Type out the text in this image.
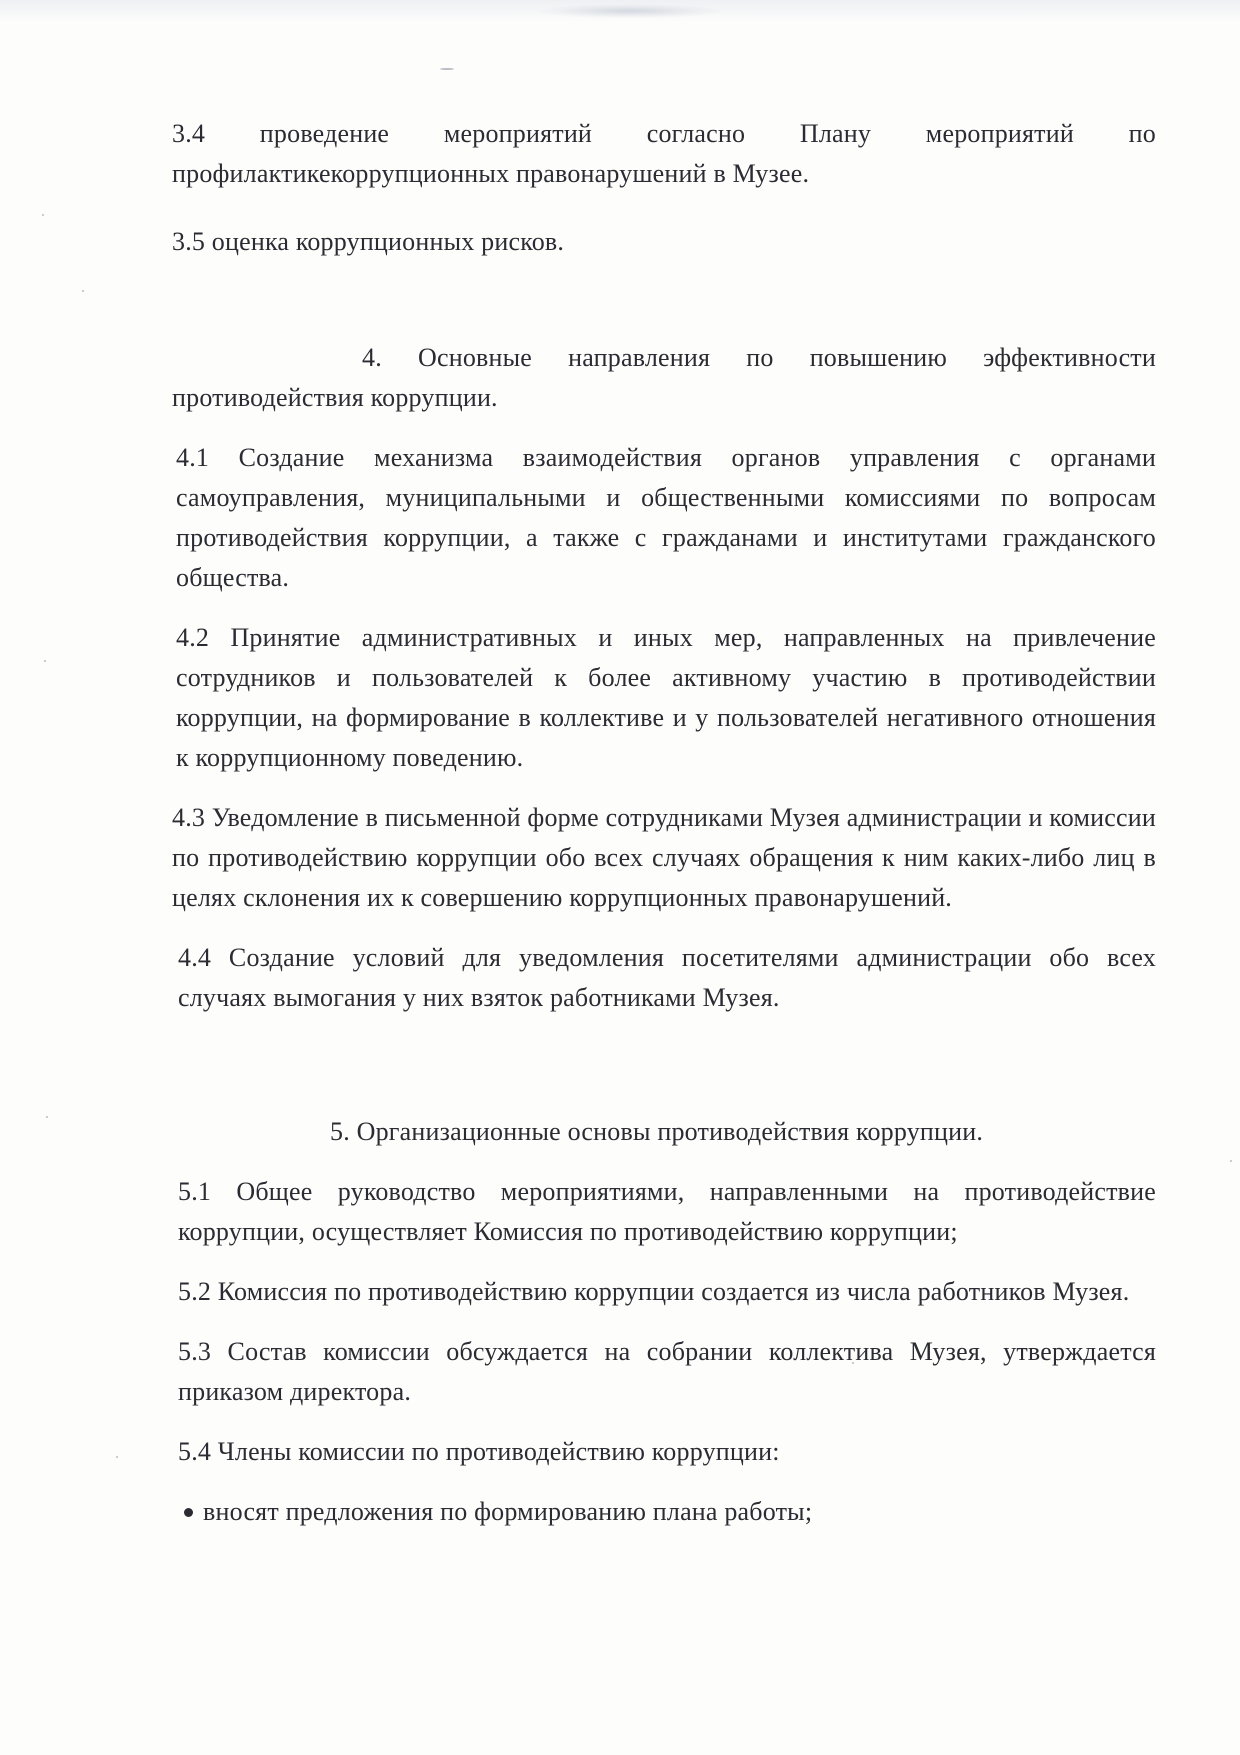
3.4 проведение мероприятий согласно Плану мероприятий по профилактикекоррупционных правонарушений в Музее.

3.5 оценка коррупционных рисков.

4. Основные направления по повышению эффективности противодействия коррупции.

4.1 Создание механизма взаимодействия органов управления с органами самоуправления, муниципальными и общественными комиссиями по вопросам противодействия коррупции, а также с гражданами и институтами гражданского общества.

4.2 Принятие административных и иных мер, направленных на привлечение сотрудников и пользователей к более активному участию в противодействии коррупции, на формирование в коллективе и у пользователей негативного отношения к коррупционному поведению.

4.3 Уведомление в письменной форме сотрудниками Музея администрации и комиссии по противодействию коррупции обо всех случаях обращения к ним каких-либо лиц в целях склонения их к совершению коррупционных правонарушений.

4.4 Создание условий для уведомления посетителями администрации обо всех случаях вымогания у них взяток работниками Музея.

5. Организационные основы противодействия коррупции.

5.1 Общее руководство мероприятиями, направленными на противодействие коррупции, осуществляет Комиссия по противодействию коррупции;

5.2 Комиссия по противодействию коррупции создается из числа работников Музея.

5.3 Состав комиссии обсуждается на собрании коллектива Музея, утверждается приказом директора.

5.4 Члены комиссии по противодействию коррупции:

вносят предложения по формированию плана работы;
